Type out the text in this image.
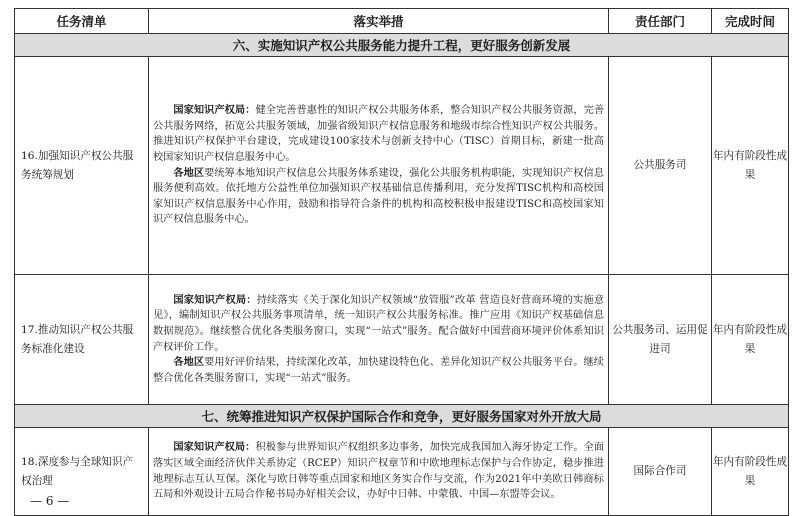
任务清单	落实举措	责任部门	完成时间
六、实施知识产权公共服务能力提升工程，更好服务创新发展			
16.加强知识产权公共服务统筹规划	国家知识产权局：健全完善普惠性的知识产权公共服务体系，整合知识产权公共服务资源，完善公共服务网络，拓宽公共服务领域，加强省级知识产权信息服务和地级市综合性知识产权公共服务。推进知识产权保护平台建设，完成建设100家技术与创新支持中心（TISC）首期目标，新建一批高校国家知识产权信息服务中心。

各地区要统筹本地知识产权信息公共服务体系建设，强化公共服务机构职能，实现知识产权信息服务便利高效。依托地方公益性单位加强知识产权基础信息传播利用，充分发挥TISC机构和高校国家知识产权信息服务中心作用，鼓励和指导符合条件的机构和高校积极申报建设TISC和高校国家知识产权信息服务中心。	公共服务司	年内有阶段性成果
17.推动知识产权公共服务标准化建设	国家知识产权局：持续落实《关于深化知识产权领域“放管服”改革 营造良好营商环境的实施意见》，编制知识产权公共服务事项清单，统一知识产权公共服务标准。推广应用《知识产权基础信息数据规范》。继续整合优化各类服务窗口，实现“一站式”服务。配合做好中国营商环境评价体系知识产权评价工作。

各地区要用好评价结果，持续深化改革，加快建设特色化、差异化知识产权公共服务平台。继续整合优化各类服务窗口，实现“一站式”服务。	公共服务司、运用促进司	年内有阶段性成果
七、统筹推进知识产权保护国际合作和竞争，更好服务国家对外开放大局			
18.深度参与全球知识产权治理	国家知识产权局：积极参与世界知识产权组织多边事务，加快完成我国加入海牙协定工作。全面落实区域全面经济伙伴关系协定（RCEP）知识产权章节和中欧地理标志保护与合作协定，稳步推进地理标志互认互保。深化与欧日韩等重点国家和地区务实合作与交流，作为2021年中美欧日韩商标五局和外观设计五局合作秘书局办好相关会议，办好中日韩、中蒙俄、中国—东盟等会议。	国际合作司	年内有阶段性成果
— 6 —
